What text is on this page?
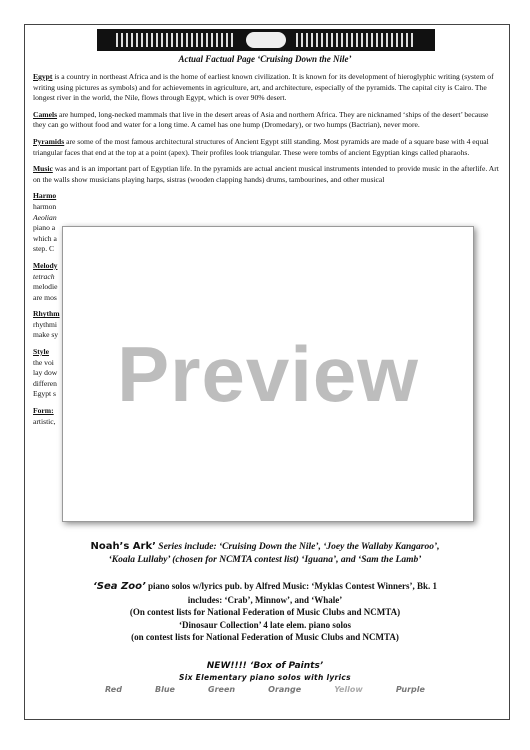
Actual Factual Page ‘Cruising Down the Nile’

Egypt is a country in northeast Africa and is the home of earliest known civilization. It is known for its development of hieroglyphic writing (system of writing using pictures as symbols) and for achievements in agriculture, art, and architecture, especially of the pyramids. The capital city is Cairo. The longest river in the world, the Nile, flows through Egypt, which is over 90% desert.

Camels are humped, long-necked mammals that live in the desert areas of Asia and northern Africa. They are nicknamed ‘ships of the desert’ because they can go without food and water for a long time. A camel has one hump (Dromedary), or two humps (Bactrian), never more.

Pyramids are some of the most famous architectural structures of Ancient Egypt still standing. Most pyramids are made of a square base with 4 equal triangular faces that end at the top at a point (apex). Their profiles look triangular. These were tombs of ancient Egyptian kings called pharaohs.

Music was and is an important part of Egyptian life. In the pyramids are actual ancient musical instruments intended to provide music in the afterlife. Art on the walls show musicians playing harps, sistras (wooden clapping hands) drums, tambourines, and other musical

Harmo
harmon
Aeolian
piano a
which a
step. C
Melody
tetrach
melodie
are mos
Rhythm
rhythmi
make sy
Style
the voi
lay dow
differen
Egypt s
Form:
artistic,
Preview
Noah’s Ark’ Series include: ‘Cruising Down the Nile’, ‘Joey the Wallaby Kangaroo’,
‘Koala Lullaby’ (chosen for NCMTA contest list) ‘Iguana’, and ‘Sam the Lamb’
‘Sea Zoo’ piano solos w/lyrics pub. by Alfred Music: ‘Myklas Contest Winners’, Bk. 1
includes: ‘Crab’, Minnow’, and ‘Whale’
(On contest lists for National Federation of Music Clubs and NCMTA)
‘Dinosaur Collection’ 4 late elem. piano solos
(on contest lists for National Federation of Music Clubs and NCMTA)
NEW!!!! ‘Box of Paints’
Six Elementary piano solos with lyrics
Red	Blue	Green	Orange	Yellow	Purple
